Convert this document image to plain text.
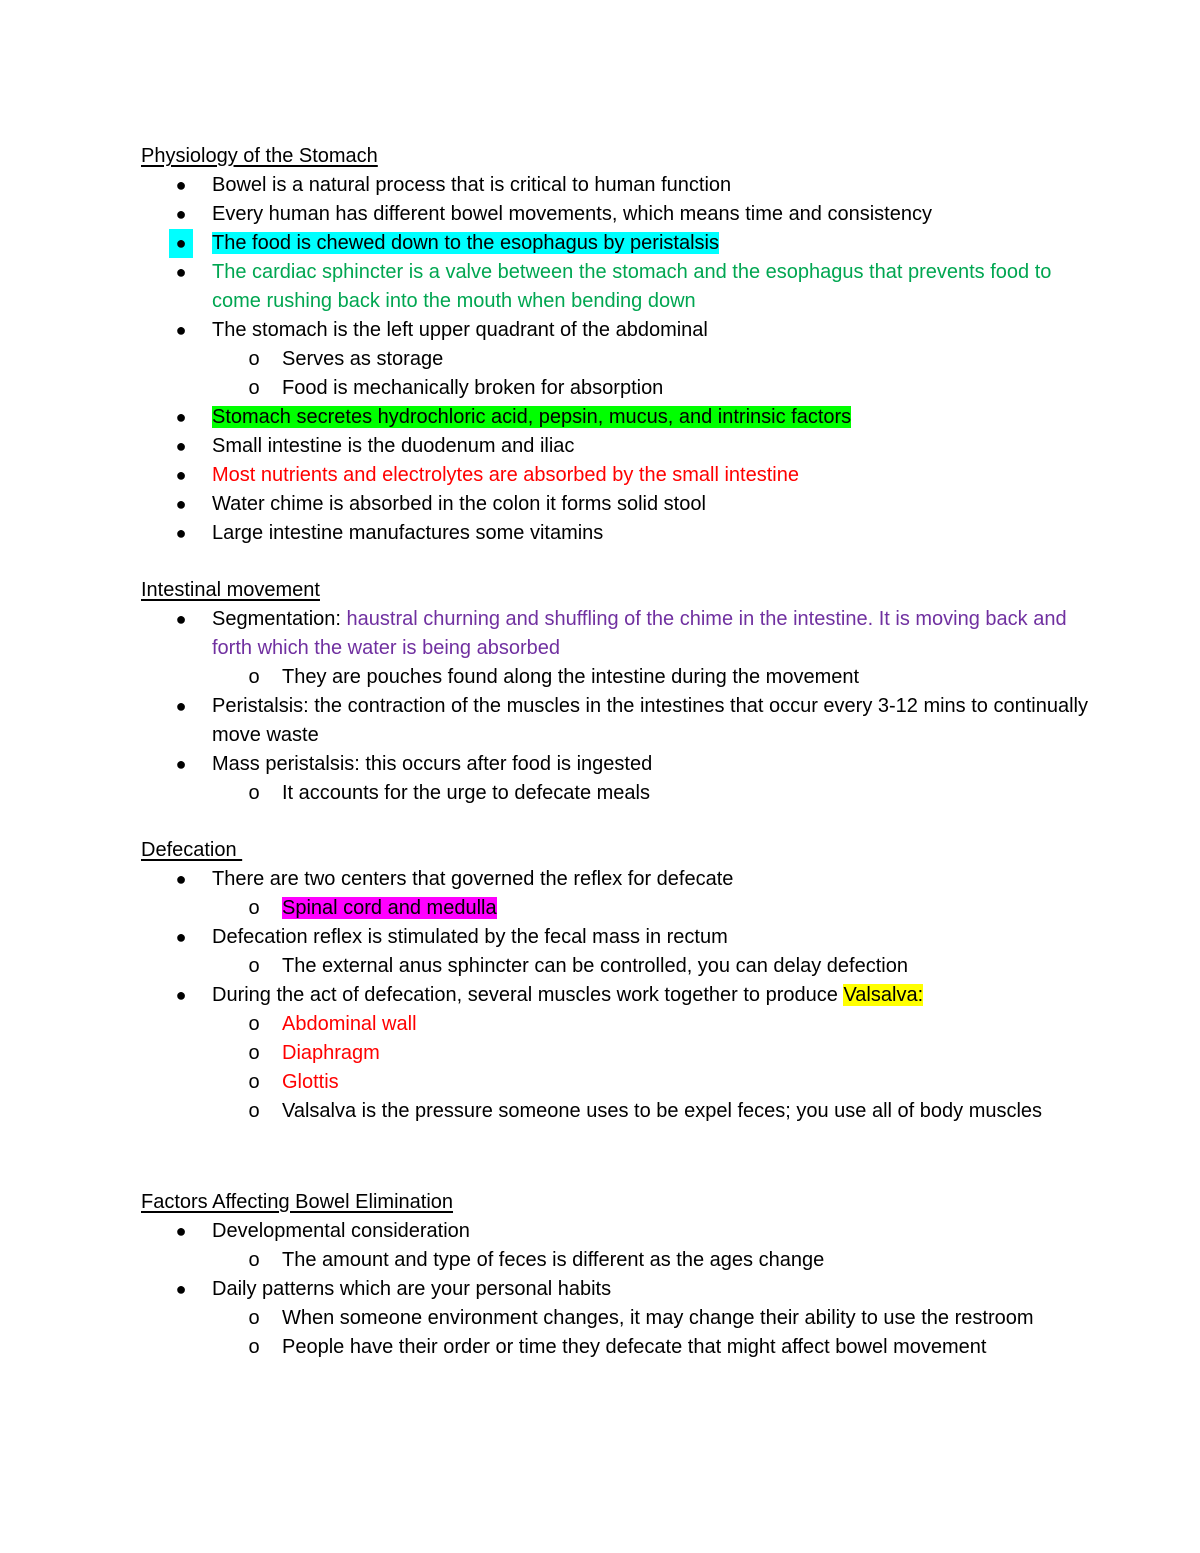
Physiology of the Stomach
●	Bowel is a natural process that is critical to human function
●	Every human has different bowel movements, which means time and consistency
●	The food is chewed down to the esophagus by peristalsis
●	The cardiac sphincter is a valve between the stomach and the esophagus that prevents food to come rushing back into the mouth when bending down
●	The stomach is the left upper quadrant of the abdominal
o	Serves as storage
o	Food is mechanically broken for absorption
●	Stomach secretes hydrochloric acid, pepsin, mucus, and intrinsic factors
●	Small intestine is the duodenum and iliac
●	Most nutrients and electrolytes are absorbed by the small intestine
●	Water chime is absorbed in the colon it forms solid stool
●	Large intestine manufactures some vitamins
Intestinal movement
●	Segmentation: haustral churning and shuffling of the chime in the intestine. It is moving back and forth which the water is being absorbed
o	They are pouches found along the intestine during the movement
●	Peristalsis: the contraction of the muscles in the intestines that occur every 3-12 mins to continually move waste
●	Mass peristalsis: this occurs after food is ingested
o	It accounts for the urge to defecate meals
Defecation
●	There are two centers that governed the reflex for defecate
o	Spinal cord and medulla
●	Defecation reflex is stimulated by the fecal mass in rectum
o	The external anus sphincter can be controlled, you can delay defection
●	During the act of defecation, several muscles work together to produce Valsalva:
o	Abdominal wall
o	Diaphragm
o	Glottis
o	Valsalva is the pressure someone uses to be expel feces; you use all of body muscles
Factors Affecting Bowel Elimination
●	Developmental consideration
o	The amount and type of feces is different as the ages change
●	Daily patterns which are your personal habits
o	When someone environment changes, it may change their ability to use the restroom
o	People have their order or time they defecate that might affect bowel movement
